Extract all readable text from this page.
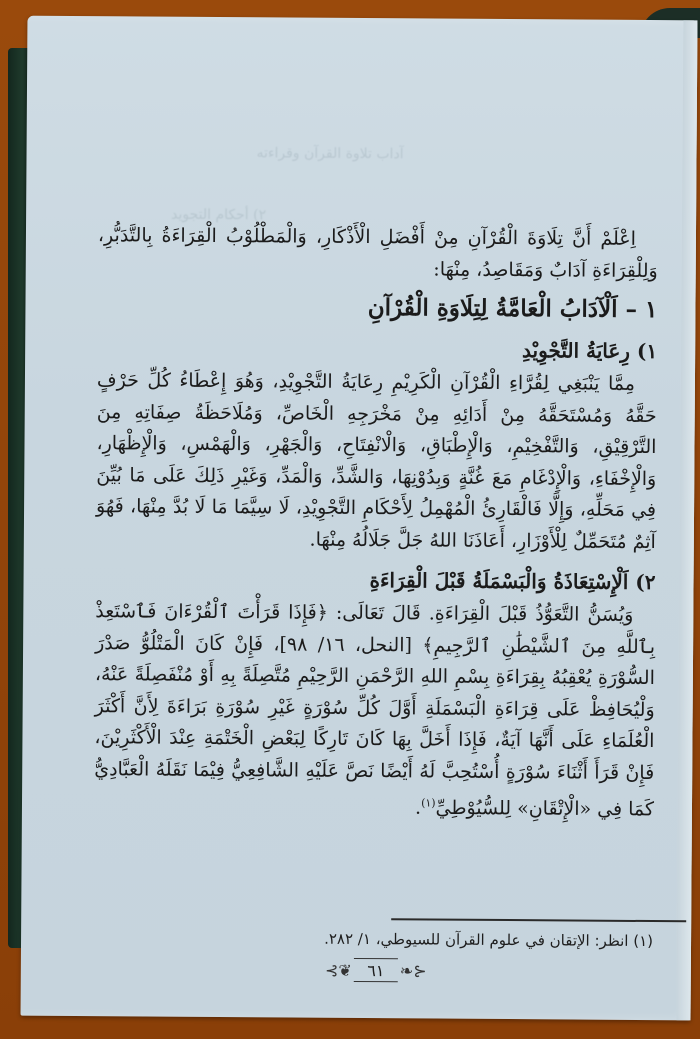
آداب تلاوة القرآن وقراءته
٢) أحكام التجويد

اِعْلَمْ أَنَّ تِلَاوَةَ الْقُرْآنِ مِنْ أَفْضَلِ الْأَذْكَارِ، وَالْمَطْلُوْبُ الْقِرَاءَةُ بِالتَّدَبُّرِ، وَلِلْقِرَاءَةِ آدَابٌ وَمَقَاصِدُ، مِنْهَا:

١ – اَلْآدَابُ الْعَامَّةُ لِتِلَاوَةِ الْقُرْآنِ
١) رِعَايَةُ التَّجْوِيْدِ

مِمَّا يَنْبَغِي لِقُرَّاءِ الْقُرْآنِ الْكَرِيْمِ رِعَايَةُ التَّجْوِيْدِ، وَهُوَ إِعْطَاءُ كُلِّ حَرْفٍ حَقَّهُ وَمُسْتَحَقَّهُ مِنْ أَدَائِهِ مِنْ مَخْرَجِهِ الْخَاصِّ، وَمُلَاحَظَةُ صِفَاتِهِ مِنَ التَّرْقِيْقِ، وَالتَّفْخِيْمِ، وَالْإِطْبَاقِ، وَالْانْفِتَاحِ، وَالْجَهْرِ، وَالْهَمْسِ، وَالْإِظْهَارِ، وَالْإِخْفَاءِ، وَالْإِدْغَامِ مَعَ غُنَّةٍ وَبِدُوْنِهَا، وَالشَّدِّ، وَالْمَدِّ، وَغَيْرِ ذَلِكَ عَلَى مَا بُيِّنَ فِي مَحَلِّهِ، وَإِلَّا فَالْقَارِئُ الْمُهْمِلُ لِأَحْكَامِ التَّجْوِيْدِ، لَا سِيَّمَا مَا لَا بُدَّ مِنْهَا، فَهُوَ آثِمٌ مُتَحَمِّلٌ لِلْأَوْزَارِ، أَعَاذَنَا اللهُ جَلَّ جَلَالُهُ مِنْهَا.

٢) اَلْإِسْتِعَاذَةُ وَالْبَسْمَلَةُ قَبْلَ الْقِرَاءَةِ

وَيُسَنُّ التَّعَوُّذُ قَبْلَ الْقِرَاءَةِ. قَالَ تَعَالَى: ﴿فَإِذَا قَرَأْتَ ٱلْقُرْءَانَ فَٱسْتَعِذْ بِٱللَّهِ مِنَ ٱلشَّيْطَٰنِ ٱلرَّجِيمِ﴾ [النحل، ١٦/ ٩٨]، فَإِنْ كَانَ الْمَتْلُوُّ صَدْرَ السُّوْرَةِ يُعْقِبُهُ بِقِرَاءَةِ بِسْمِ اللهِ الرَّحْمَنِ الرَّحِيْمِ مُتَّصِلَةً بِهِ أَوْ مُنْفَصِلَةً عَنْهُ، وَلْيُحَافِظْ عَلَى قِرَاءَةِ الْبَسْمَلَةِ أَوَّلَ كُلِّ سُوْرَةٍ غَيْرِ سُوْرَةِ بَرَاءَةَ لِأَنَّ أَكْثَرَ الْعُلَمَاءِ عَلَى أَنَّهَا آيَةٌ، فَإِذَا أَخَلَّ بِهَا كَانَ تَارِكًا لِبَعْضِ الْخَتْمَةِ عِنْدَ الْأَكْثَرِيْنَ، فَإِنْ قَرَأَ أَثْنَاءَ سُوْرَةٍ أُسْتُحِبَّ لَهُ أَيْضًا نَصَّ عَلَيْهِ الشَّافِعِيُّ فِيْمَا نَقَلَهُ الْعَبَّادِيُّ كَمَا فِي «الْإِتْقَانِ» لِلسُّيُوْطِيِّ$^{(١)}$.

(١) انظر: الإتقان في علوم القرآن للسيوطي، ١/ ٢٨٢.
⊰❦ ٦١ ❧⊱
